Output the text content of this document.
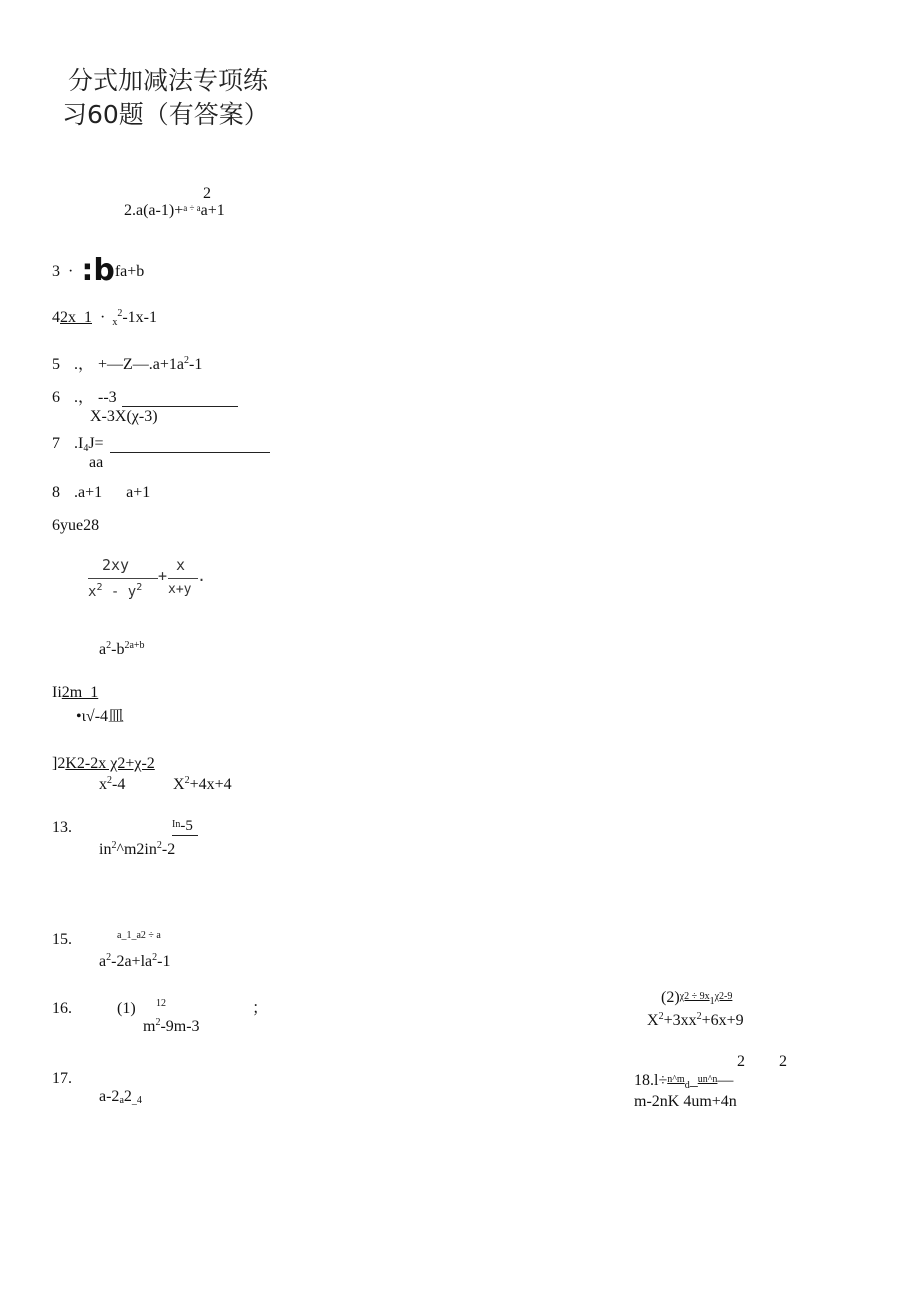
分式加减法专项练
习60题（有答案）
2
2.a(a-1)+$^{a \div a}$a+1
3 · :bfa+b
42x_1 · $x^2-1x-1$
5 .， $+—Z—.a+1a^2-1$
6 .， --3
X-3X(χ-3)
7 .I4J=
aa
8 .a+1 a+1
6yue28
2xy
$x^2 - y^2$
+
x
x+y
.
$a^2-b^{2a+b}$
Ii2m_1
•ι√-4皿
]2K2-2x χ2+χ-2
$x^2-4$	$X^2+4x+4$
13.	$^{In}$-5
$in^2\^{}m2in^2-2$
15.	a_1_a2 ÷ a
$a^2-2a+la^2-1$
16.	(1) 12
$m^2-9m-3$
；
(2)χ2 ÷ 9x1χ2-9
$X^2+3xx^2+6x+9$
17.
a-2a2_4
2 2
18.l÷n^md_un^n—
m-2nK 4um+4n
